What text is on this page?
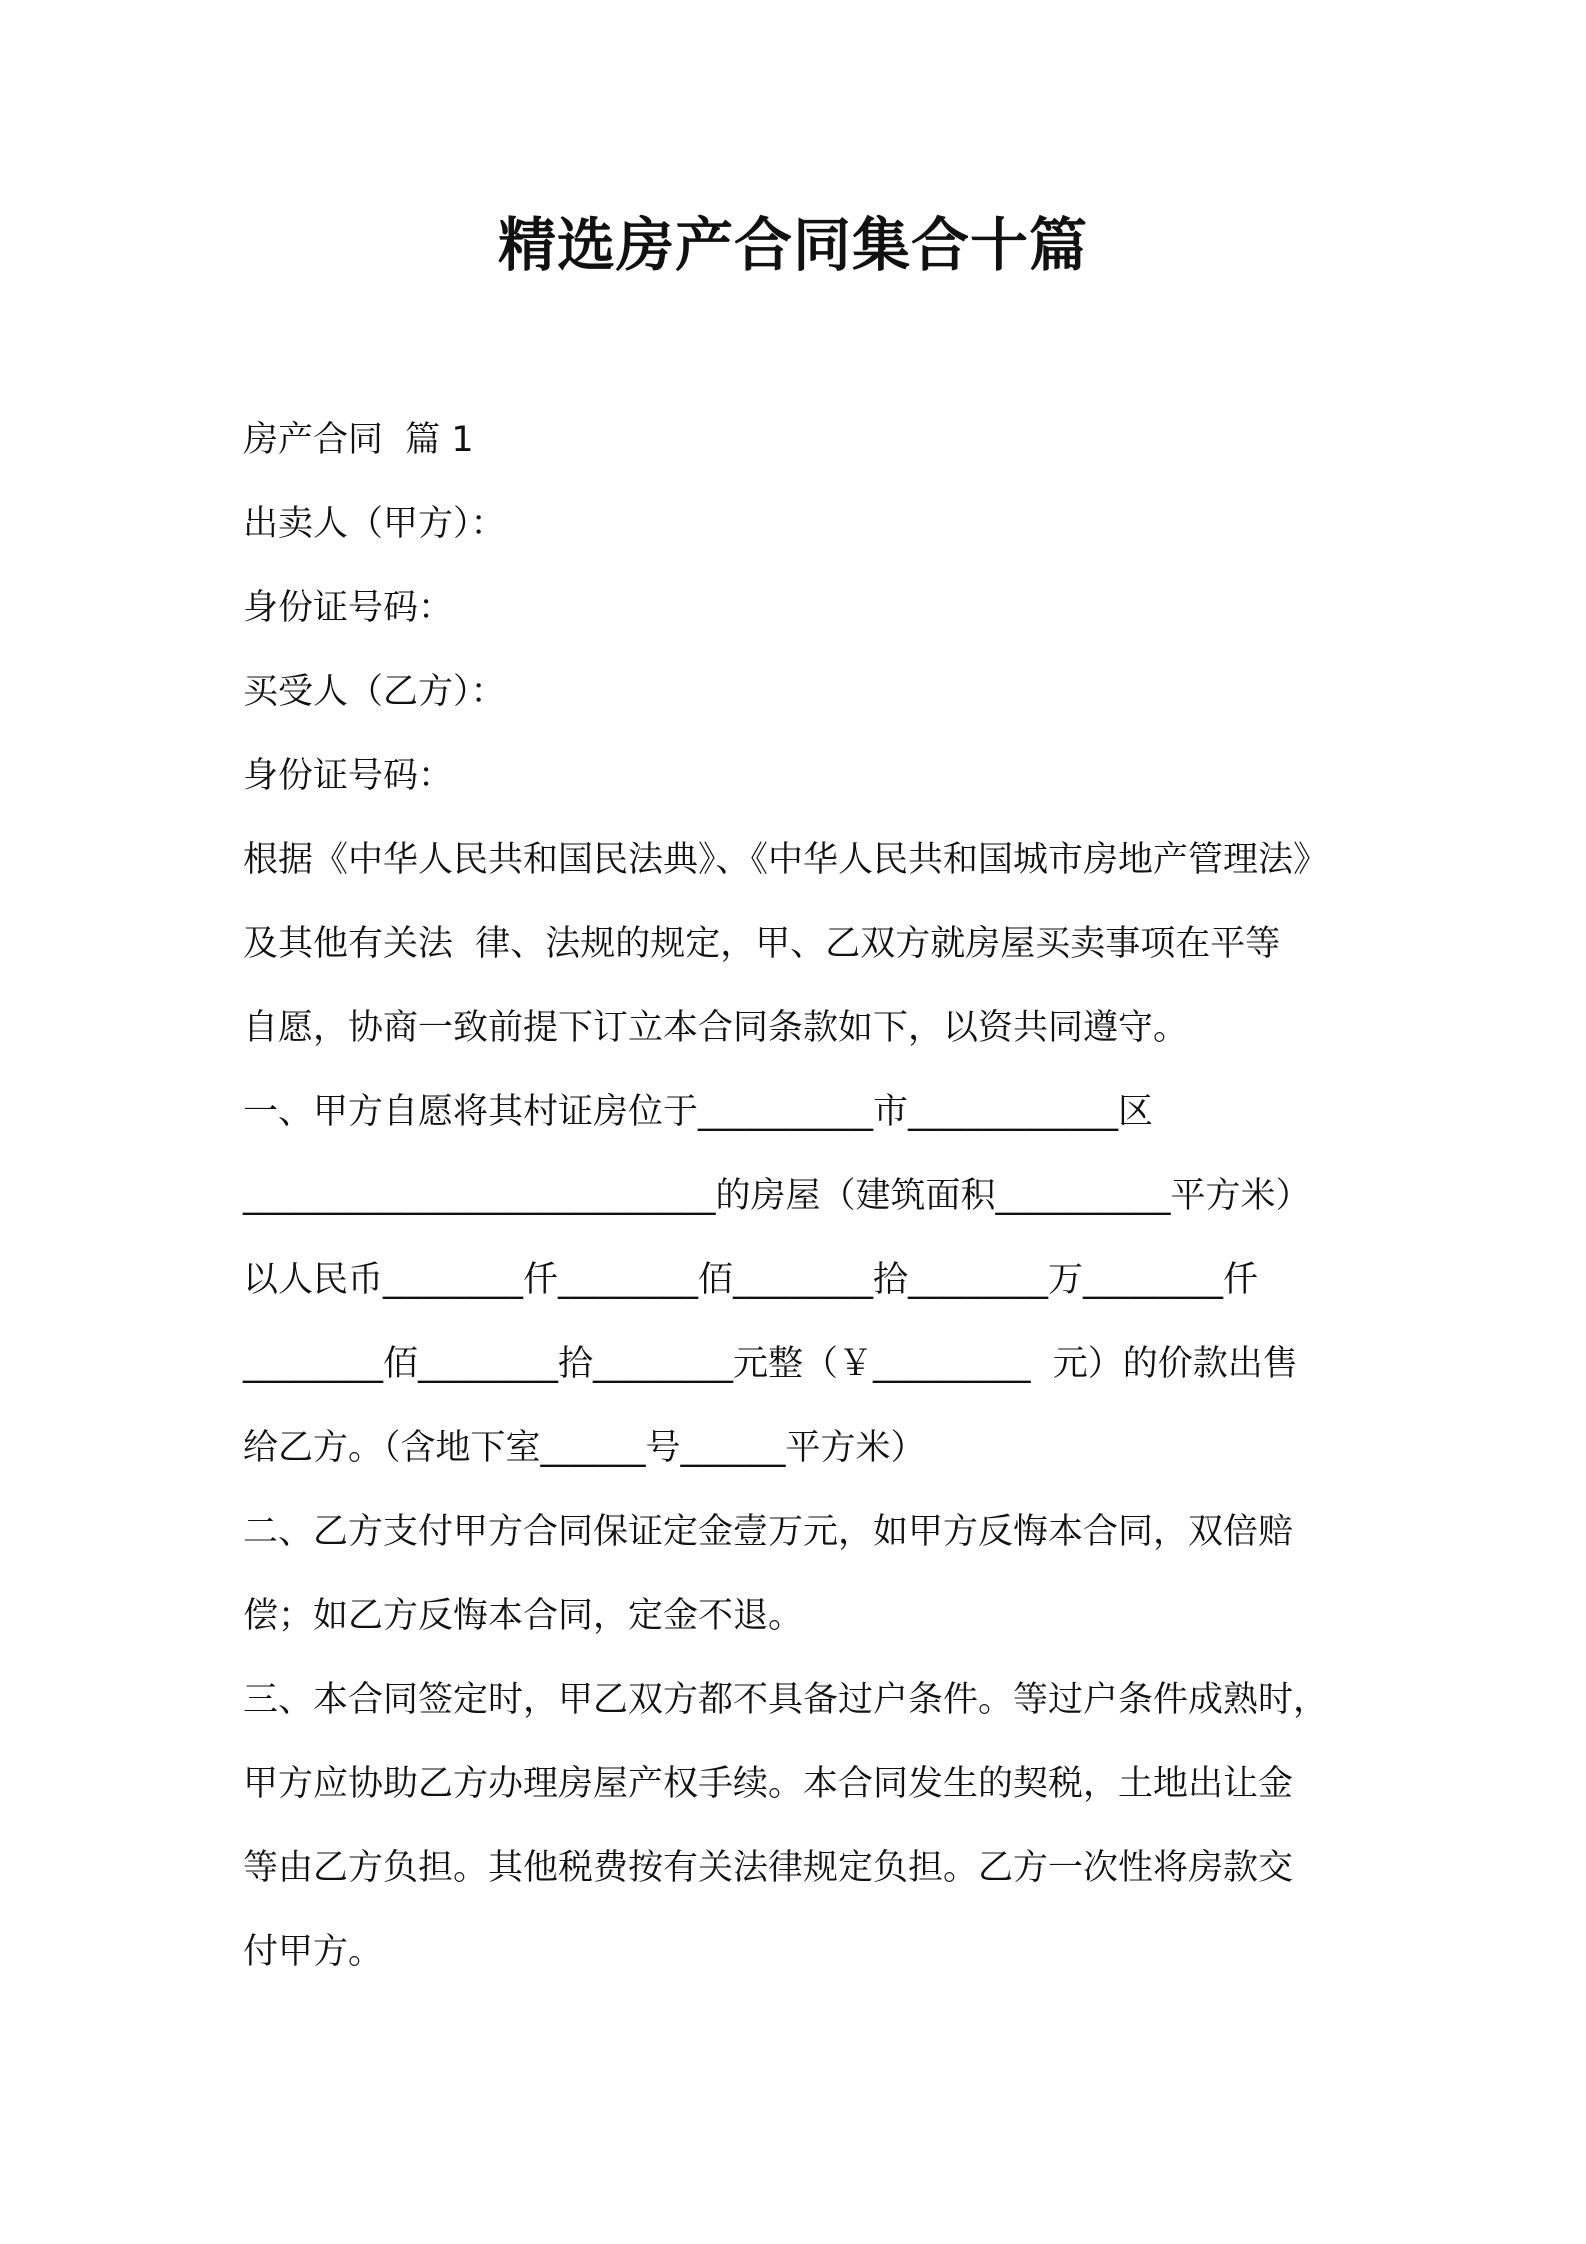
精选房产合同集合十篇

房产合同  篇 1

出卖人（甲方）：

身份证号码：

买受人（乙方）：

身份证号码：

根据《中华人民共和国民法典》、《中华人民共和国城市房地产管理法》

及其他有关法  律、法规的规定，甲、乙双方就房屋买卖事项在平等

自愿，协商一致前提下订立本合同条款如下，以资共同遵守。

一、甲方自愿将其村证房位于__________市____________区

___________________________的房屋（建筑面积__________平方米）

以人民币________仟________佰________拾________万________仟

________佰________拾________元整（￥_________  元）的价款出售

给乙方。（含地下室______号______平方米）

二、乙方支付甲方合同保证定金壹万元，如甲方反悔本合同，双倍赔

偿；如乙方反悔本合同，定金不退。

三、本合同签定时，甲乙双方都不具备过户条件。等过户条件成熟时，

甲方应协助乙方办理房屋产权手续。本合同发生的契税，土地出让金

等由乙方负担。其他税费按有关法律规定负担。乙方一次性将房款交

付甲方。
